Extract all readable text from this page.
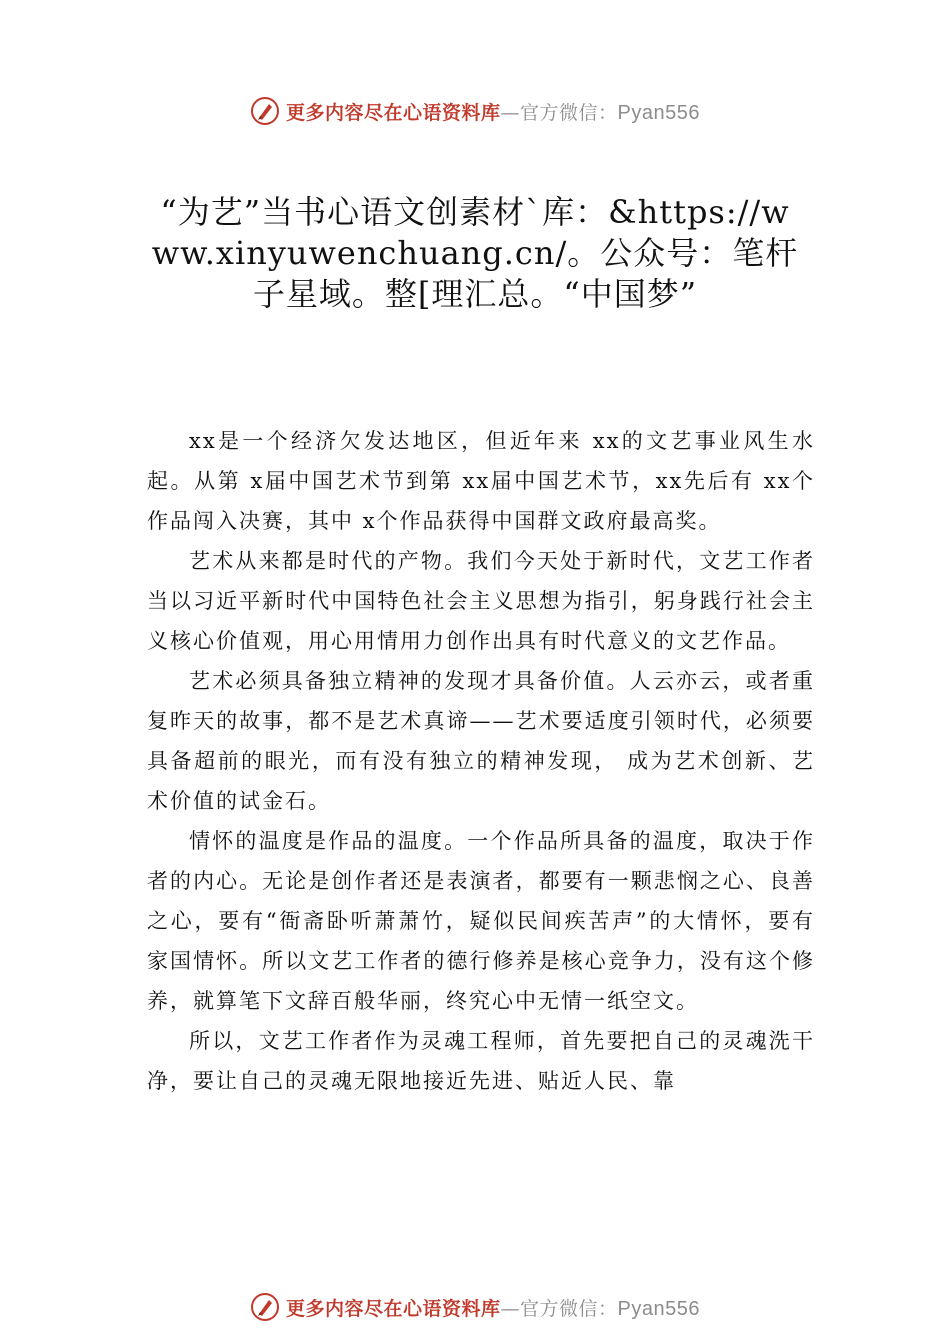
更多内容尽在心语资料库—官方微信：Pyan556
“为艺”当书心语文创素材`库：&https://www.xinyuwenchuang.cn/。公众号：笔杆子星域。整[理汇总。“中国梦”

xx是一个经济欠发达地区，但近年来 xx的文艺事业风生水起。从第 x届中国艺术节到第 xx届中国艺术节，xx先后有 xx个作品闯入决赛，其中 x个作品获得中国群文政府最高奖。

艺术从来都是时代的产物。我们今天处于新时代，文艺工作者当以习近平新时代中国特色社会主义思想为指引，躬身践行社会主义核心价值观，用心用情用力创作出具有时代意义的文艺作品。

艺术必须具备独立精神的发现才具备价值。人云亦云，或者重复昨天的故事，都不是艺术真谛——艺术要适度引领时代，必须要具备超前的眼光，而有没有独立的精神发现， 成为艺术创新、艺术价值的试金石。

情怀的温度是作品的温度。一个作品所具备的温度，取决于作者的内心。无论是创作者还是表演者，都要有一颗悲悯之心、良善之心，要有“衙斋卧听萧萧竹，疑似民间疾苦声”的大情怀，要有家国情怀。所以文艺工作者的德行修养是核心竞争力，没有这个修养，就算笔下文辞百般华丽，终究心中无情一纸空文。

所以，文艺工作者作为灵魂工程师，首先要把自己的灵魂洗干净，要让自己的灵魂无限地接近先进、贴近人民、靠

更多内容尽在心语资料库—官方微信：Pyan556
